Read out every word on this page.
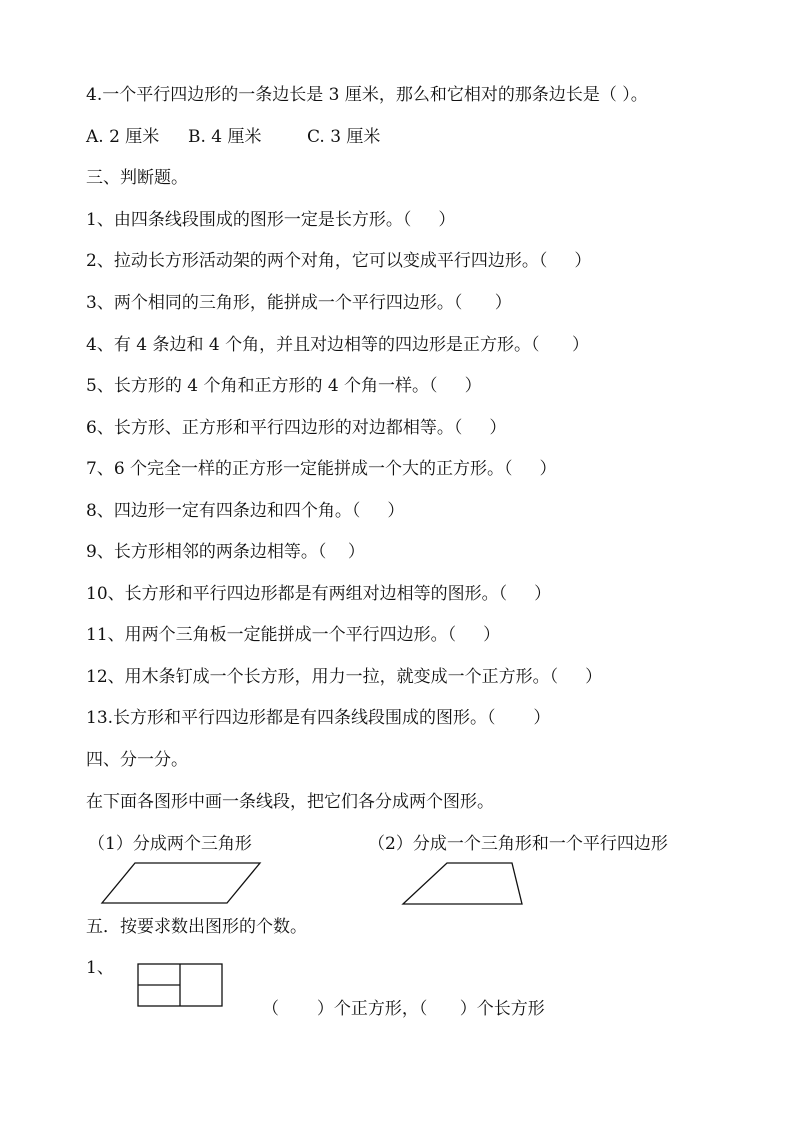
4.一个平行四边形的一条边长是 3 厘米，那么和它相对的那条边长是（ ）。
A. 2 厘米 B. 4 厘米	C. 3 厘米
三、判断题。
1、由四条线段围成的图形一定是长方形。（     ）
2、拉动长方形活动架的两个对角，它可以变成平行四边形。（     ）
3、两个相同的三角形，能拼成一个平行四边形。（      ）
4、有 4 条边和 4 个角，并且对边相等的四边形是正方形。（      ）
5、长方形的 4 个角和正方形的 4 个角一样。（     ）
6、长方形、正方形和平行四边形的对边都相等。（     ）
7、6 个完全一样的正方形一定能拼成一个大的正方形。（     ）
8、四边形一定有四条边和四个角。（     ）
9、长方形相邻的两条边相等。（    ）
10、长方形和平行四边形都是有两组对边相等的图形。（     ）
11、用两个三角板一定能拼成一个平行四边形。（     ）
12、用木条钉成一个长方形，用力一拉，就变成一个正方形。（     ）
13.长方形和平行四边形都是有四条线段围成的图形。（       ）
四、分一分。
在下面各图形中画一条线段，把它们各分成两个图形。
（1）分成两个三角形	（2）分成一个三角形和一个平行四边形
五．按要求数出图形的个数。
1、
（       ）个正方形，（      ）个长方形
